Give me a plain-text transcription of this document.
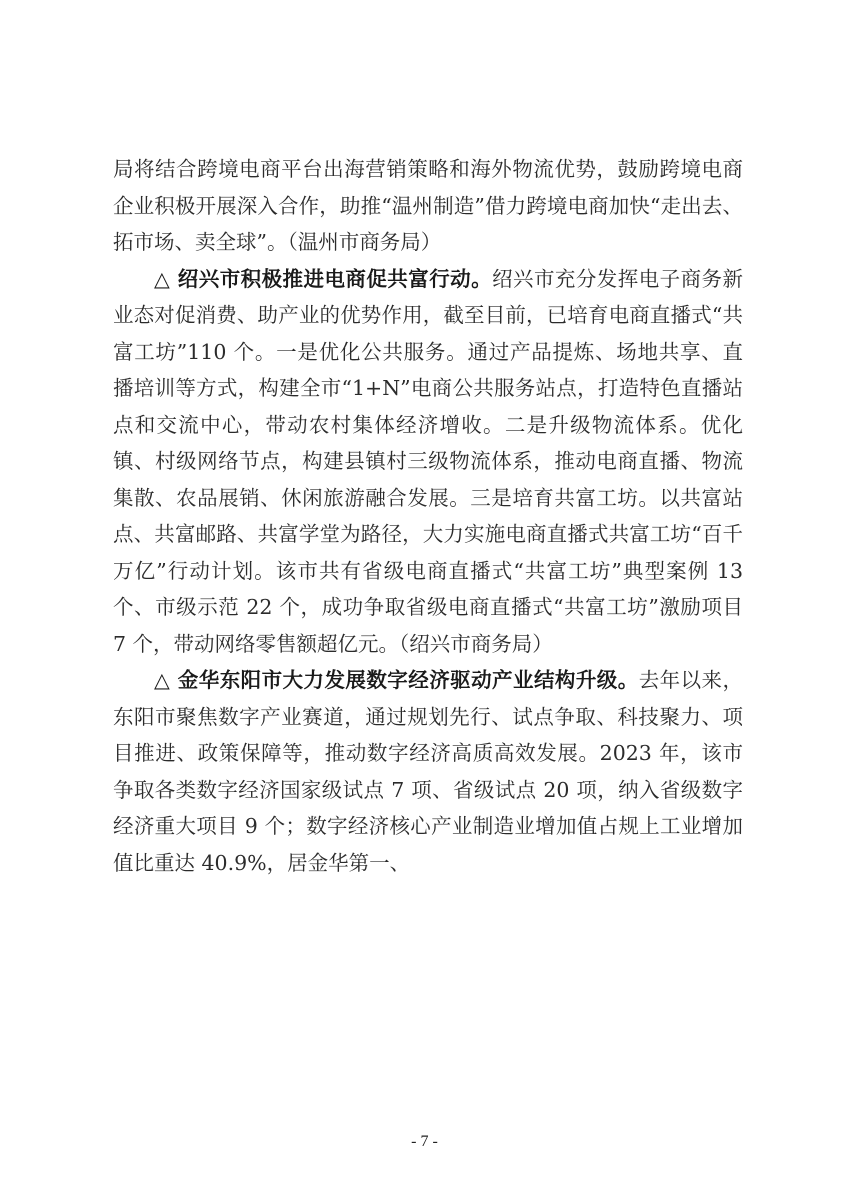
局将结合跨境电商平台出海营销策略和海外物流优势，鼓励跨境电商企业积极开展深入合作，助推“温州制造”借力跨境电商加快“走出去、拓市场、卖全球”。（温州市商务局）

△ 绍兴市积极推进电商促共富行动。绍兴市充分发挥电子商务新业态对促消费、助产业的优势作用，截至目前，已培育电商直播式“共富工坊”110 个。一是优化公共服务。通过产品提炼、场地共享、直播培训等方式，构建全市“1+N”电商公共服务站点，打造特色直播站点和交流中心，带动农村集体经济增收。二是升级物流体系。优化镇、村级网络节点，构建县镇村三级物流体系，推动电商直播、物流集散、农品展销、休闲旅游融合发展。三是培育共富工坊。以共富站点、共富邮路、共富学堂为路径，大力实施电商直播式共富工坊“百千万亿”行动计划。该市共有省级电商直播式“共富工坊”典型案例 13 个、市级示范 22 个，成功争取省级电商直播式“共富工坊”激励项目 7 个，带动网络零售额超亿元。（绍兴市商务局）

△ 金华东阳市大力发展数字经济驱动产业结构升级。去年以来，东阳市聚焦数字产业赛道，通过规划先行、试点争取、科技聚力、项目推进、政策保障等，推动数字经济高质高效发展。2023 年，该市争取各类数字经济国家级试点 7 项、省级试点 20 项，纳入省级数字经济重大项目 9 个；数字经济核心产业制造业增加值占规上工业增加值比重达 40.9%，居金华第一、

- 7 -
